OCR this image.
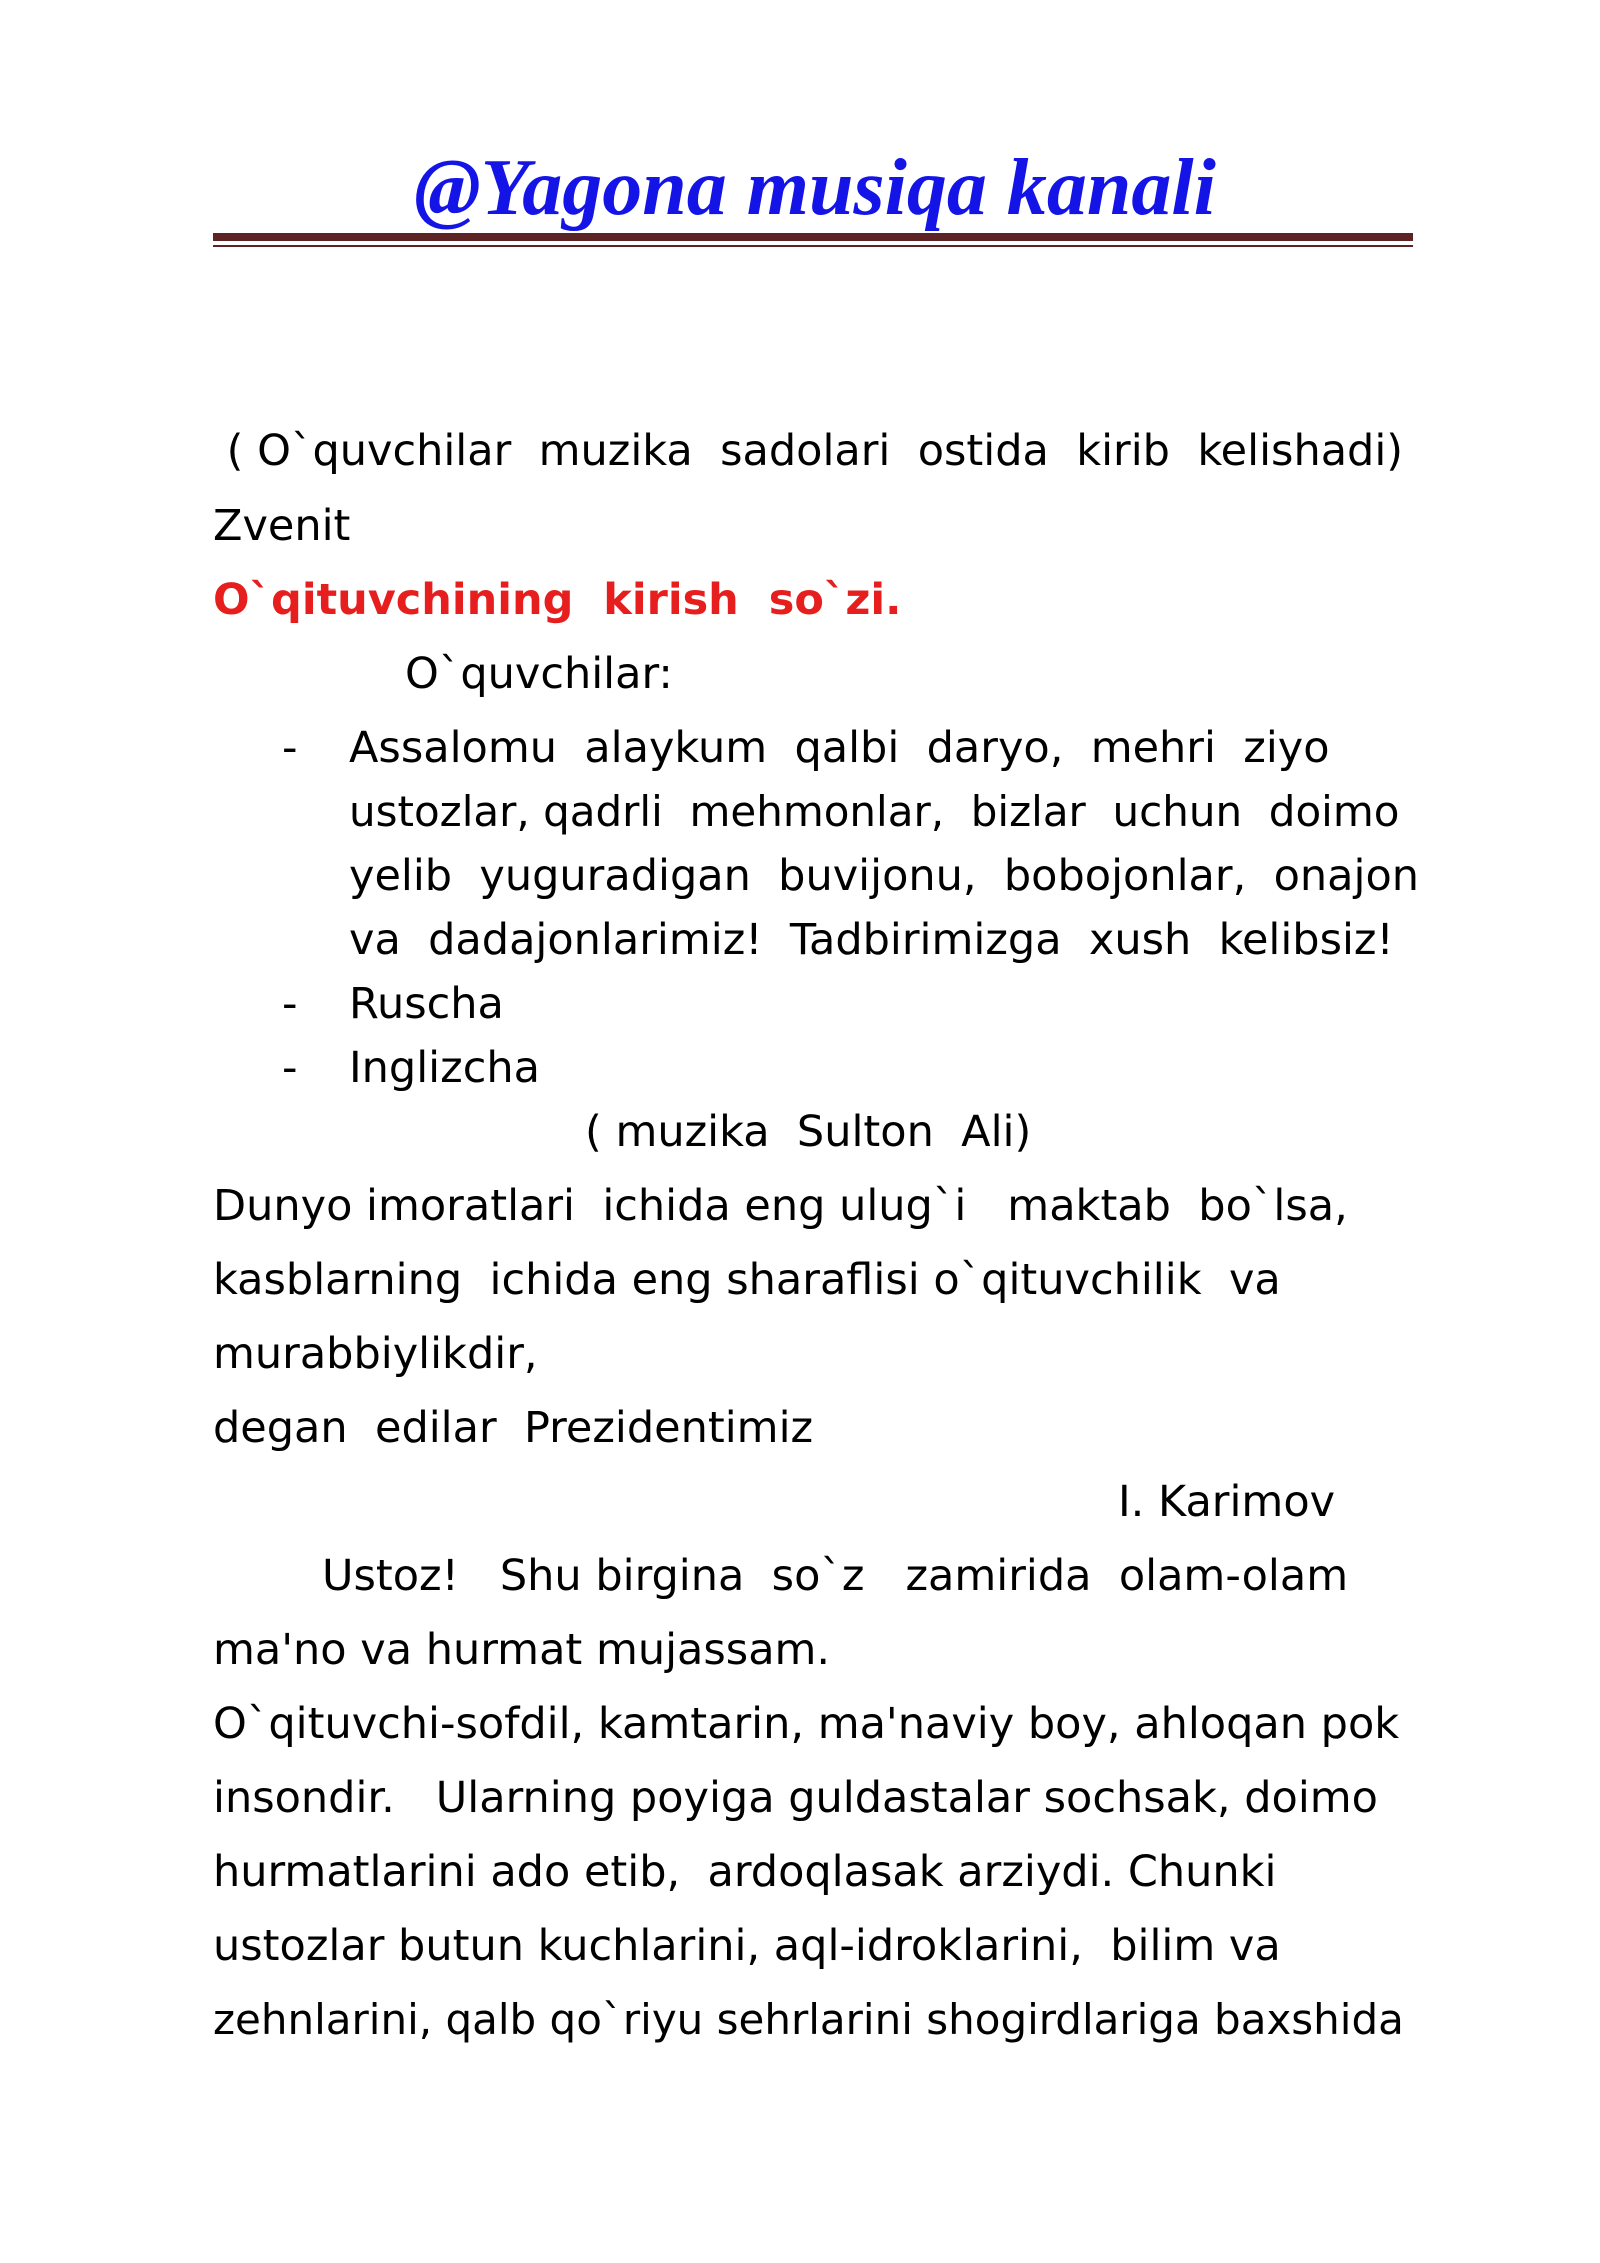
@Yagona musiqa kanali
( O`quvchilar  muzika  sadolari  ostida  kirib  kelishadi)
Zvenit
O`qituvchining  kirish  so`zi.
O`quvchilar:
- Assalomu  alaykum  qalbi  daryo,  mehri  ziyo
ustozlar, qadrli  mehmonlar,  bizlar  uchun  doimo
yelib  yuguradigan  buvijonu,  bobojonlar,  onajon
va  dadajonlarimiz!  Tadbirimizga  xush  kelibsiz!
- Ruscha
- Inglizcha
( muzika  Sulton  Ali)
Dunyo imoratlari  ichida eng ulug`i   maktab  bo`lsa,
kasblarning  ichida eng sharaflisi o`qituvchilik  va
murabbiylikdir,
degan  edilar  Prezidentimiz
I. Karimov
Ustoz!   Shu birgina  so`z   zamirida  olam-olam
ma'no va hurmat mujassam.
O`qituvchi-sofdil, kamtarin, ma'naviy boy, ahloqan pok
insondir.   Ularning poyiga guldastalar sochsak, doimo
hurmatlarini ado etib,  ardoqlasak arziydi. Chunki
ustozlar butun kuchlarini, aql-idroklarini,  bilim va
zehnlarini, qalb qo`riyu sehrlarini shogirdlariga baxshida
